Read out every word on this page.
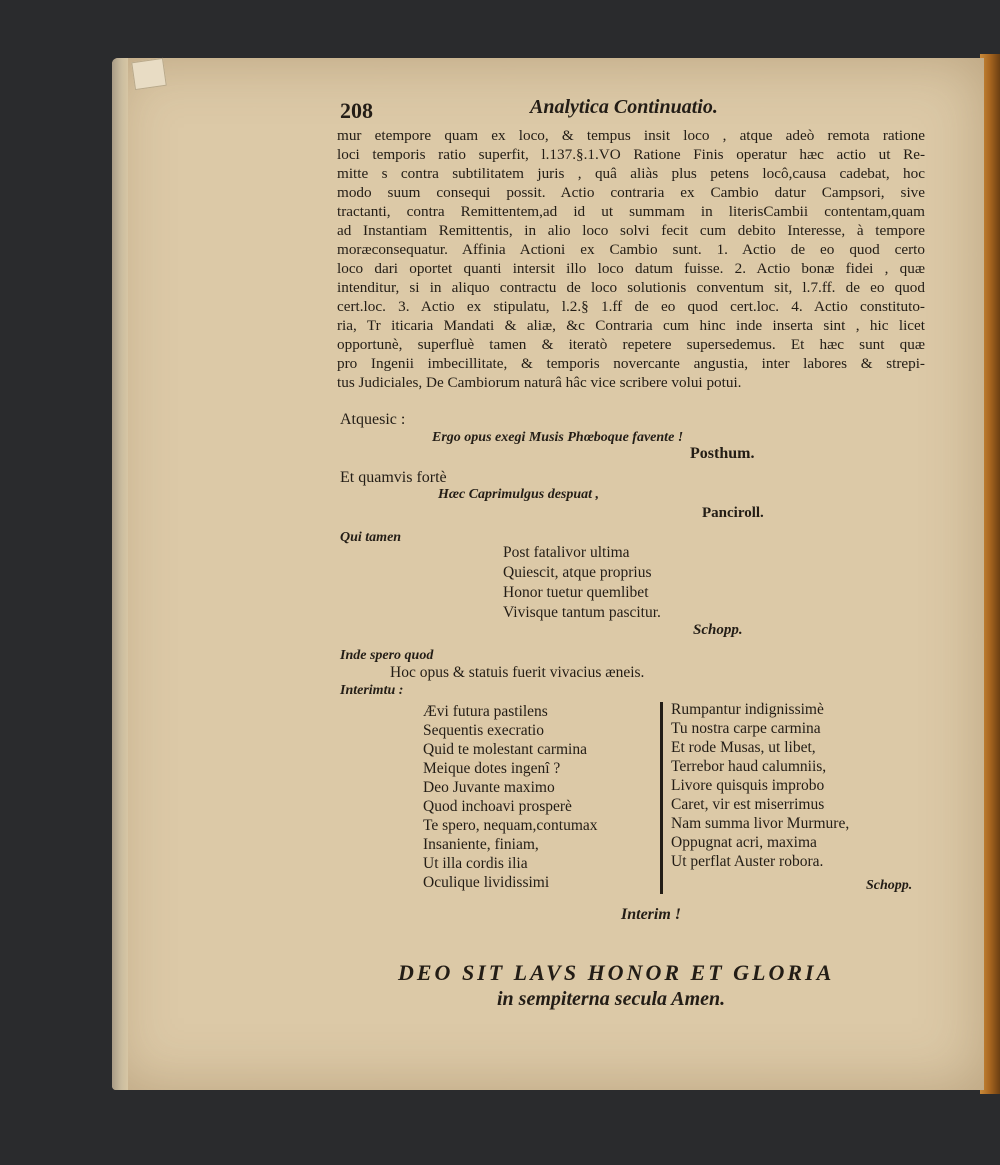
208	Analytica Continuatio.
mur etempore quam ex loco, & tempus insit loco , atque adeò remota ratione
loci temporis ratio superfit, l.137.§.1.VO Ratione Finis operatur hæc actio ut Re-
mitte s contra subtilitatem juris , quâ aliàs plus petens locô,causa cadebat, hoc
modo suum consequi possit. Actio contraria ex Cambio datur Campsori, sive
tractanti, contra Remittentem,ad id ut summam in literisCambii contentam,quam
ad Instantiam Remittentis, in alio loco solvi fecit cum debito Interesse, à tempore
moræconsequatur. Affinia Actioni ex Cambio sunt. 1. Actio de eo quod certo
loco dari oportet quanti intersit illo loco datum fuisse. 2. Actio bonæ fidei , quæ
intenditur, si in aliquo contractu de loco solutionis conventum sit, l.7.ff. de eo quod
cert.loc. 3. Actio ex stipulatu, l.2.§ 1.ff de eo quod cert.loc. 4. Actio constituto-
ria, Tr iticaria Mandati & aliæ, &c Contraria cum hinc inde inserta sint , hic licet
opportunè, superfluè tamen & iteratò repetere supersedemus. Et hæc sunt quæ
pro Ingenii imbecillitate, & temporis novercante angustia, inter labores & strepi-
tus Judiciales, De Cambiorum naturâ hâc vice scribere volui potui.
Atquesic :
Ergo opus exegi Musis Phœboque favente !
Posthum.
Et quamvis fortè
Hæc Caprimulgus despuat ,
Panciroll.
Qui tamen
Post fatalivor ultima
Quiescit, atque proprius
Honor tuetur quemlibet
Vivisque tantum pascitur.
Schopp.
Inde spero quod
Hoc opus & statuis fuerit vivacius æneis.
Interimtu :
Ævi futura pastilens
Sequentis execratio
Quid te molestant carmina
Meique dotes ingenî ?
Deo Juvante maximo
Quod inchoavi prosperè
Te spero, nequam,contumax
Insaniente, finiam,
Ut illa cordis ilia
Oculique lividissimi
Rumpantur indignissimè
Tu nostra carpe carmina
Et rode Musas, ut libet,
Terrebor haud calumniis,
Livore quisquis improbo
Caret, vir est miserrimus
Nam summa livor Murmure,
Oppugnat acri, maxima
Ut perflat Auster robora.
Schopp.
Interim !
DEO SIT LAVS HONOR ET GLORIA
in sempiterna secula Amen.
